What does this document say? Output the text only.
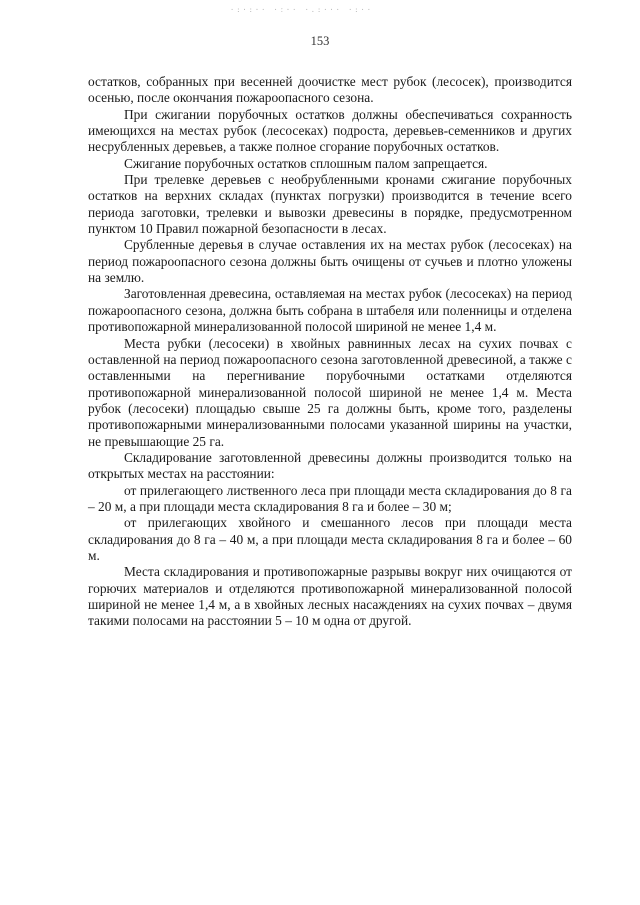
·:·:·· ·ː·· ·.:··· ·:··
153

остатков, собранных при весенней доочистке мест рубок (лесосек), производится осенью, после окончания пожароопасного сезона.

При сжигании порубочных остатков должны обеспечиваться сохранность имеющихся на местах рубок (лесосеках) подроста, деревьев-семенников и других несрубленных деревьев, а также полное сгорание порубочных остатков.

Сжигание порубочных остатков сплошным палом запрещается.

При трелевке деревьев с необрубленными кронами сжигание порубочных остатков на верхних складах (пунктах погрузки) производится в течение всего периода заготовки, трелевки и вывозки древесины в порядке, предусмотренном пунктом 10 Правил пожарной безопасности в лесах.

Срубленные деревья в случае оставления их на местах рубок (лесосеках) на период пожароопасного сезона должны быть очищены от сучьев и плотно уложены на землю.

Заготовленная древесина, оставляемая на местах рубок (лесосеках) на период пожароопасного сезона, должна быть собрана в штабеля или поленницы и отделена противопожарной минерализованной полосой шириной не менее 1,4 м.

Места рубки (лесосеки) в хвойных равнинных лесах на сухих почвах с оставленной на период пожароопасного сезона заготовленной древесиной, а также с оставленными на перегнивание порубочными остатками отделяются противопожарной минерализованной полосой шириной не менее 1,4 м. Места рубок (лесосеки) площадью свыше 25 га должны быть, кроме того, разделены противопожарными минерализованными полосами указанной ширины на участки, не превышающие 25 га.

Складирование заготовленной древесины должны производится только на открытых местах на расстоянии:

от прилегающего лиственного леса при площади места складирования до 8 га – 20 м, а при площади места складирования 8 га и более – 30 м;

от прилегающих хвойного и смешанного лесов при площади места складирования до 8 га – 40 м, а при площади места складирования 8 га и более – 60 м.

Места складирования и противопожарные разрывы вокруг них очищаются от горючих материалов и отделяются противопожарной минерализованной полосой шириной не менее 1,4 м, а в хвойных лесных насаждениях на сухих почвах – двумя такими полосами на расстоянии 5 – 10 м одна от другой.
